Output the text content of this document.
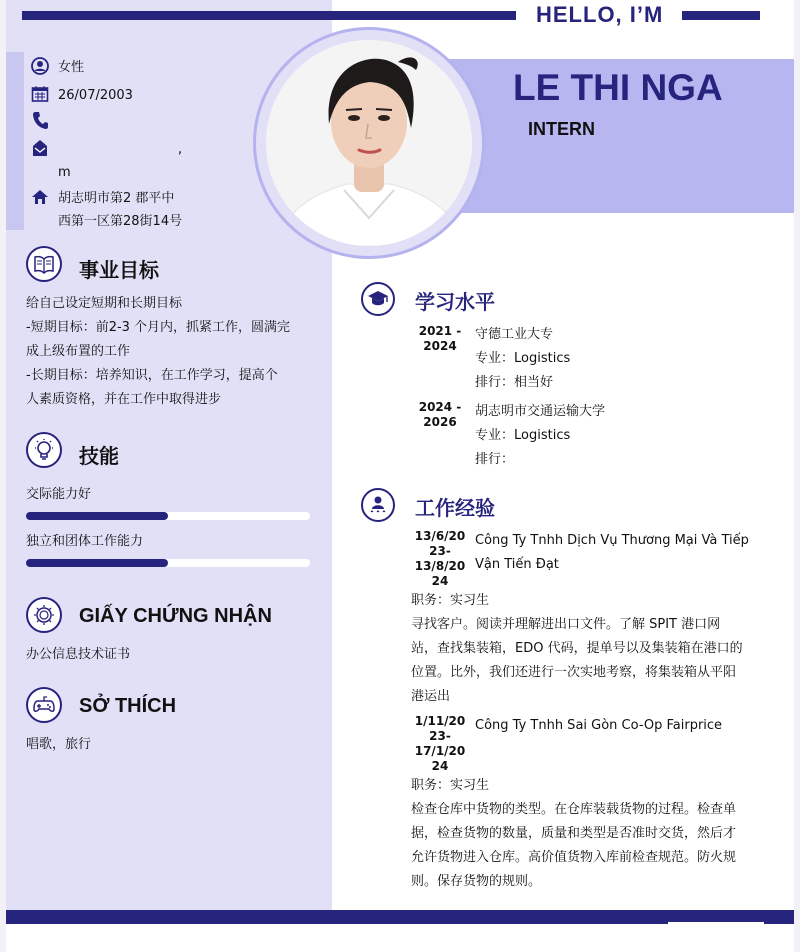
HELLO, I’M
LE THI NGA
INTERN
女性
26/07/2003
,
m
胡志明市第2 郡平中
西第一区第28街14号
事业目标
给自己设定短期和长期目标
-短期目标：前2-3 个月内，抓紧工作，圆满完
成上级布置的工作
-长期目标：培养知识，在工作学习，提高个
人素质资格，并在工作中取得进步
技能
交际能力好
独立和团体工作能力
GIẤY CHỨNG NHẬN
办公信息技术证书
SỞ THÍCH
唱歌，旅行
学习水平
2021 -
2024
守德工业大专
专业：Logistics
排行：相当好
2024 -
2026
胡志明市交通运输大学
专业：Logistics
排行：
工作经验
13/6/20
23-
13/8/20
24
Công Ty Tnhh Dịch Vụ Thương Mại Và Tiếp
Vận Tiến Đạt
职务：实习生
寻找客户。阅读并理解进出口文件。了解 SPIT 港口网
站，查找集装箱，EDO 代码，提单号以及集装箱在港口的
位置。比外，我们还进行一次实地考察，将集装箱从平阳
港运出
1/11/20
23-
17/1/20
24
Công Ty Tnhh Sai Gòn Co-Op Fairprice
职务：实习生
检查仓库中货物的类型。在仓库装载货物的过程。检查单
据，检查货物的数量，质量和类型是否准时交货，然后才
允许货物进入仓库。高价值货物入库前检查规范。防火规
则。保存货物的规则。
